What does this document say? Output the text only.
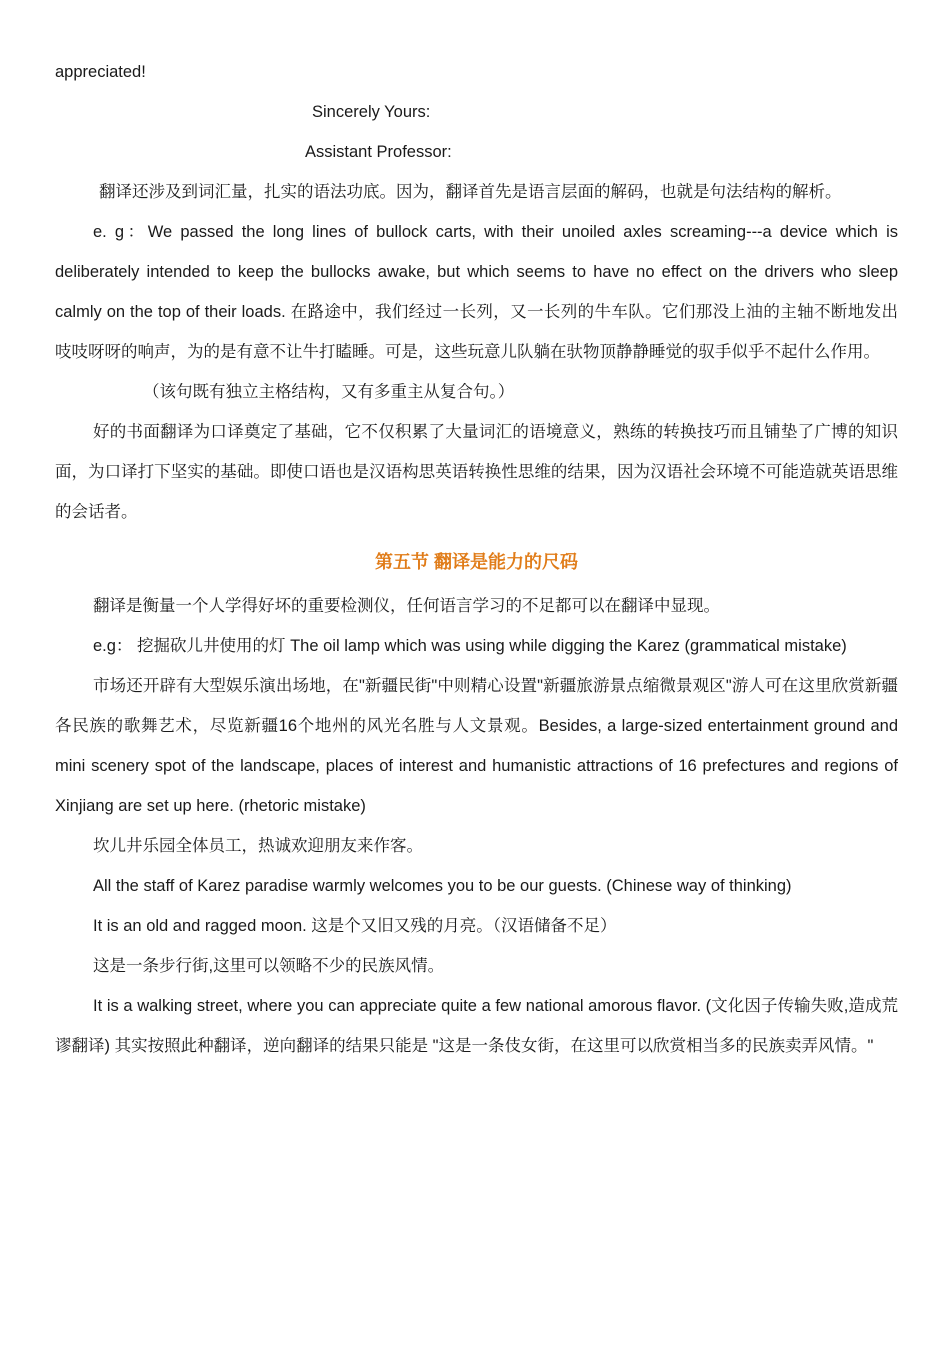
appreciated!

Sincerely Yours:

Assistant Professor:

翻译还涉及到词汇量，扎实的语法功底。因为，翻译首先是语言层面的解码，也就是句法结构的解析。

e. g：We passed the long lines of bullock carts, with their unoiled axles screaming---a device which is deliberately intended to keep the bullocks awake, but which seems to have no effect on the drivers who sleep calmly on the top of their loads. 在路途中，我们经过一长列，又一长列的牛车队。它们那没上油的主轴不断地发出吱吱呀呀的响声，为的是有意不让牛打瞌睡。可是，这些玩意儿队躺在驮物顶静静睡觉的驭手似乎不起什么作用。

（该句既有独立主格结构，又有多重主从复合句。）

好的书面翻译为口译奠定了基础，它不仅积累了大量词汇的语境意义，熟练的转换技巧而且铺垫了广博的知识面，为口译打下坚实的基础。即使口语也是汉语构思英语转换性思维的结果，因为汉语社会环境不可能造就英语思维的会话者。

第五节 翻译是能力的尺码

翻译是衡量一个人学得好坏的重要检测仪，任何语言学习的不足都可以在翻译中显现。

e.g： 挖掘砍儿井使用的灯 The oil lamp which was using while digging the Karez (grammatical mistake)

市场还开辟有大型娱乐演出场地，在"新疆民街"中则精心设置"新疆旅游景点缩微景观区"游人可在这里欣赏新疆各民族的歌舞艺术，尽览新疆16个地州的风光名胜与人文景观。Besides, a large-sized entertainment ground and mini scenery spot of the landscape, places of interest and humanistic attractions of 16 prefectures and regions of Xinjiang are set up here. (rhetoric mistake)

坎儿井乐园全体员工，热诚欢迎朋友来作客。

All the staff of Karez paradise warmly welcomes you to be our guests. (Chinese way of thinking)

It is an old and ragged moon. 这是个又旧又残的月亮。（汉语储备不足）

这是一条步行街,这里可以领略不少的民族风情。

It is a walking street, where you can appreciate quite a few national amorous flavor. (文化因子传输失败,造成荒谬翻译) 其实按照此种翻译，逆向翻译的结果只能是 "这是一条伎女街，在这里可以欣赏相当多的民族卖弄风情。"
